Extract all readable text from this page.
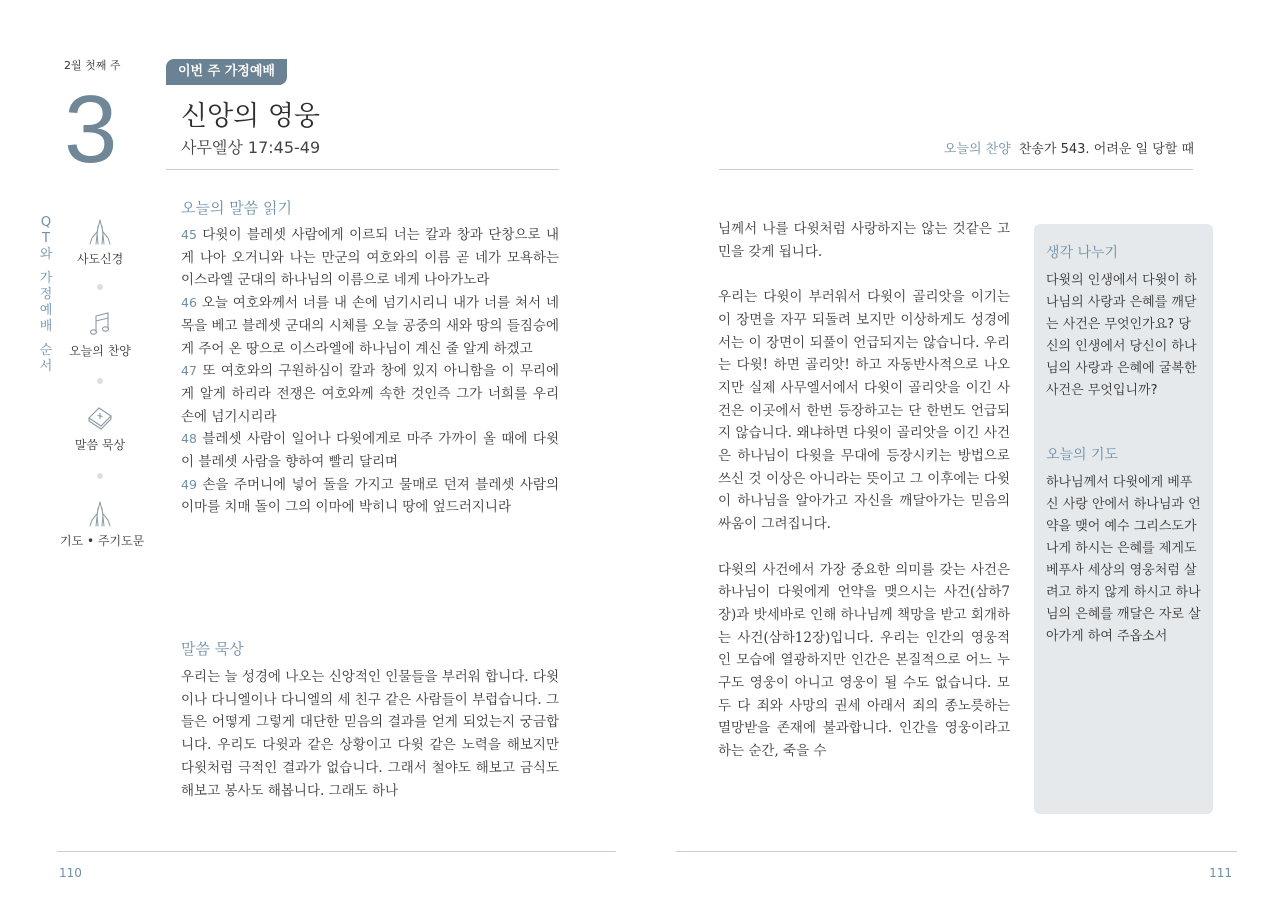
2월 첫째 주
3
Q
T
와
가
정
예
배
순
서
사도신경
오늘의 찬양
말씀 묵상
기도 • 주기도문
이번 주 가정예배
신앙의 영웅
사무엘상 17:45-49
오늘의 말씀 읽기
45 다윗이 블레셋 사람에게 이르되 너는 칼과 창과 단창으로 내게 나아 오거니와 나는 만군의 여호와의 이름 곧 네가 모욕하는 이스라엘 군대의 하나님의 이름으로 네게 나아가노라
46 오늘 여호와께서 너를 내 손에 넘기시리니 내가 너를 쳐서 네 목을 베고 블레셋 군대의 시체를 오늘 공중의 새와 땅의 들짐승에게 주어 온 땅으로 이스라엘에 하나님이 계신 줄 알게 하겠고
47 또 여호와의 구원하심이 칼과 창에 있지 아니함을 이 무리에게 알게 하리라 전쟁은 여호와께 속한 것인즉 그가 너희를 우리 손에 넘기시리라
48 블레셋 사람이 일어나 다윗에게로 마주 가까이 올 때에 다윗이 블레셋 사람을 향하여 빨리 달리며
49 손을 주머니에 넣어 돌을 가지고 물매로 던져 블레셋 사람의 이마를 치매 돌이 그의 이마에 박히니 땅에 엎드러지니라
말씀 묵상

우리는 늘 성경에 나오는 신앙적인 인물들을 부러워 합니다. 다윗이나 다니엘이나 다니엘의 세 친구 같은 사람들이 부럽습니다. 그들은 어떻게 그렇게 대단한 믿음의 결과를 얻게 되었는지 궁금합니다. 우리도 다윗과 같은 상황이고 다윗 같은 노력을 해보지만 다윗처럼 극적인 결과가 없습니다. 그래서 철야도 해보고 금식도 해보고 봉사도 해봅니다. 그래도 하나

110
오늘의 찬양 찬송가 543. 어려운 일 당할 때

님께서 나를 다윗처럼 사랑하지는 않는 것같은 고민을 갖게 됩니다.

우리는 다윗이 부러워서 다윗이 골리앗을 이기는 이 장면을 자꾸 되돌려 보지만 이상하게도 성경에서는 이 장면이 되풀이 언급되지는 않습니다. 우리는 다윗! 하면 골리앗! 하고 자동반사적으로 나오지만 실제 사무엘서에서 다윗이 골리앗을 이긴 사건은 이곳에서 한번 등장하고는 단 한번도 언급되지 않습니다. 왜냐하면 다윗이 골리앗을 이긴 사건은 하나님이 다윗을 무대에 등장시키는 방법으로 쓰신 것 이상은 아니라는 뜻이고 그 이후에는 다윗이 하나님을 알아가고 자신을 깨달아가는 믿음의 싸움이 그려집니다.

다윗의 사건에서 가장 중요한 의미를 갖는 사건은 하나님이 다윗에게 언약을 맺으시는 사건(삼하7장)과 밧세바로 인해 하나님께 책망을 받고 회개하는 사건(삼하12장)입니다. 우리는 인간의 영웅적인 모습에 열광하지만 인간은 본질적으로 어느 누구도 영웅이 아니고 영웅이 될 수도 없습니다. 모두 다 죄와 사망의 권세 아래서 죄의 종노릇하는 멸망받을 존재에 불과합니다. 인간을 영웅이라고 하는 순간, 죽을 수

생각 나누기
다윗의 인생에서 다윗이 하나님의 사랑과 은혜를 깨닫는 사건은 무엇인가요? 당신의 인생에서 당신이 하나님의 사랑과 은혜에 굴복한 사건은 무엇입니까?
오늘의 기도
하나님께서 다윗에게 베푸신 사랑 안에서 하나님과 언약을 맺어 예수 그리스도가 나게 하시는 은혜를 제게도 베푸사 세상의 영웅처럼 살려고 하지 않게 하시고 하나님의 은혜를 깨달은 자로 살아가게 하여 주옵소서
111
